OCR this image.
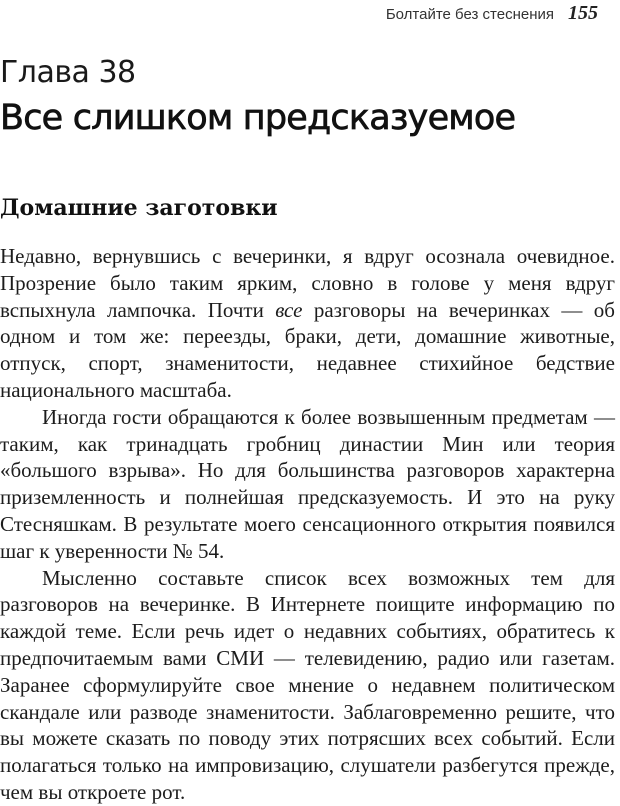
Болтайте без стеснения 155
Глава 38
Все слишком предсказуемое
Домашние заготовки

Недавно, вернувшись с вечеринки, я вдруг осознала очевидное. Прозрение было таким ярким, словно в голове у меня вдруг вспыхнула лампочка. Почти все разговоры на вечеринках — об одном и том же: переезды, браки, дети, домашние животные, отпуск, спорт, знаменитости, недавнее стихийное бедствие национального масштаба.

Иногда гости обращаются к более возвышенным предметам — таким, как тринадцать гробниц династии Мин или теория «большого взрыва». Но для большинства разговоров характерна приземленность и полнейшая предсказуемость. И это на руку Стесняшкам. В результате моего сенсационного открытия появился шаг к уверенности № 54.

Мысленно составьте список всех возможных тем для разговоров на вечеринке. В Интернете поищите информацию по каждой теме. Если речь идет о недавних событиях, обратитесь к предпочитаемым вами СМИ — телевидению, радио или газетам. Заранее сформулируйте свое мнение о недавнем политическом скандале или разводе знаменитости. Заблаговременно решите, что вы можете сказать по поводу этих потрясших всех событий. Если полагаться только на импровизацию, слушатели разбегутся прежде, чем вы откроете рот.
